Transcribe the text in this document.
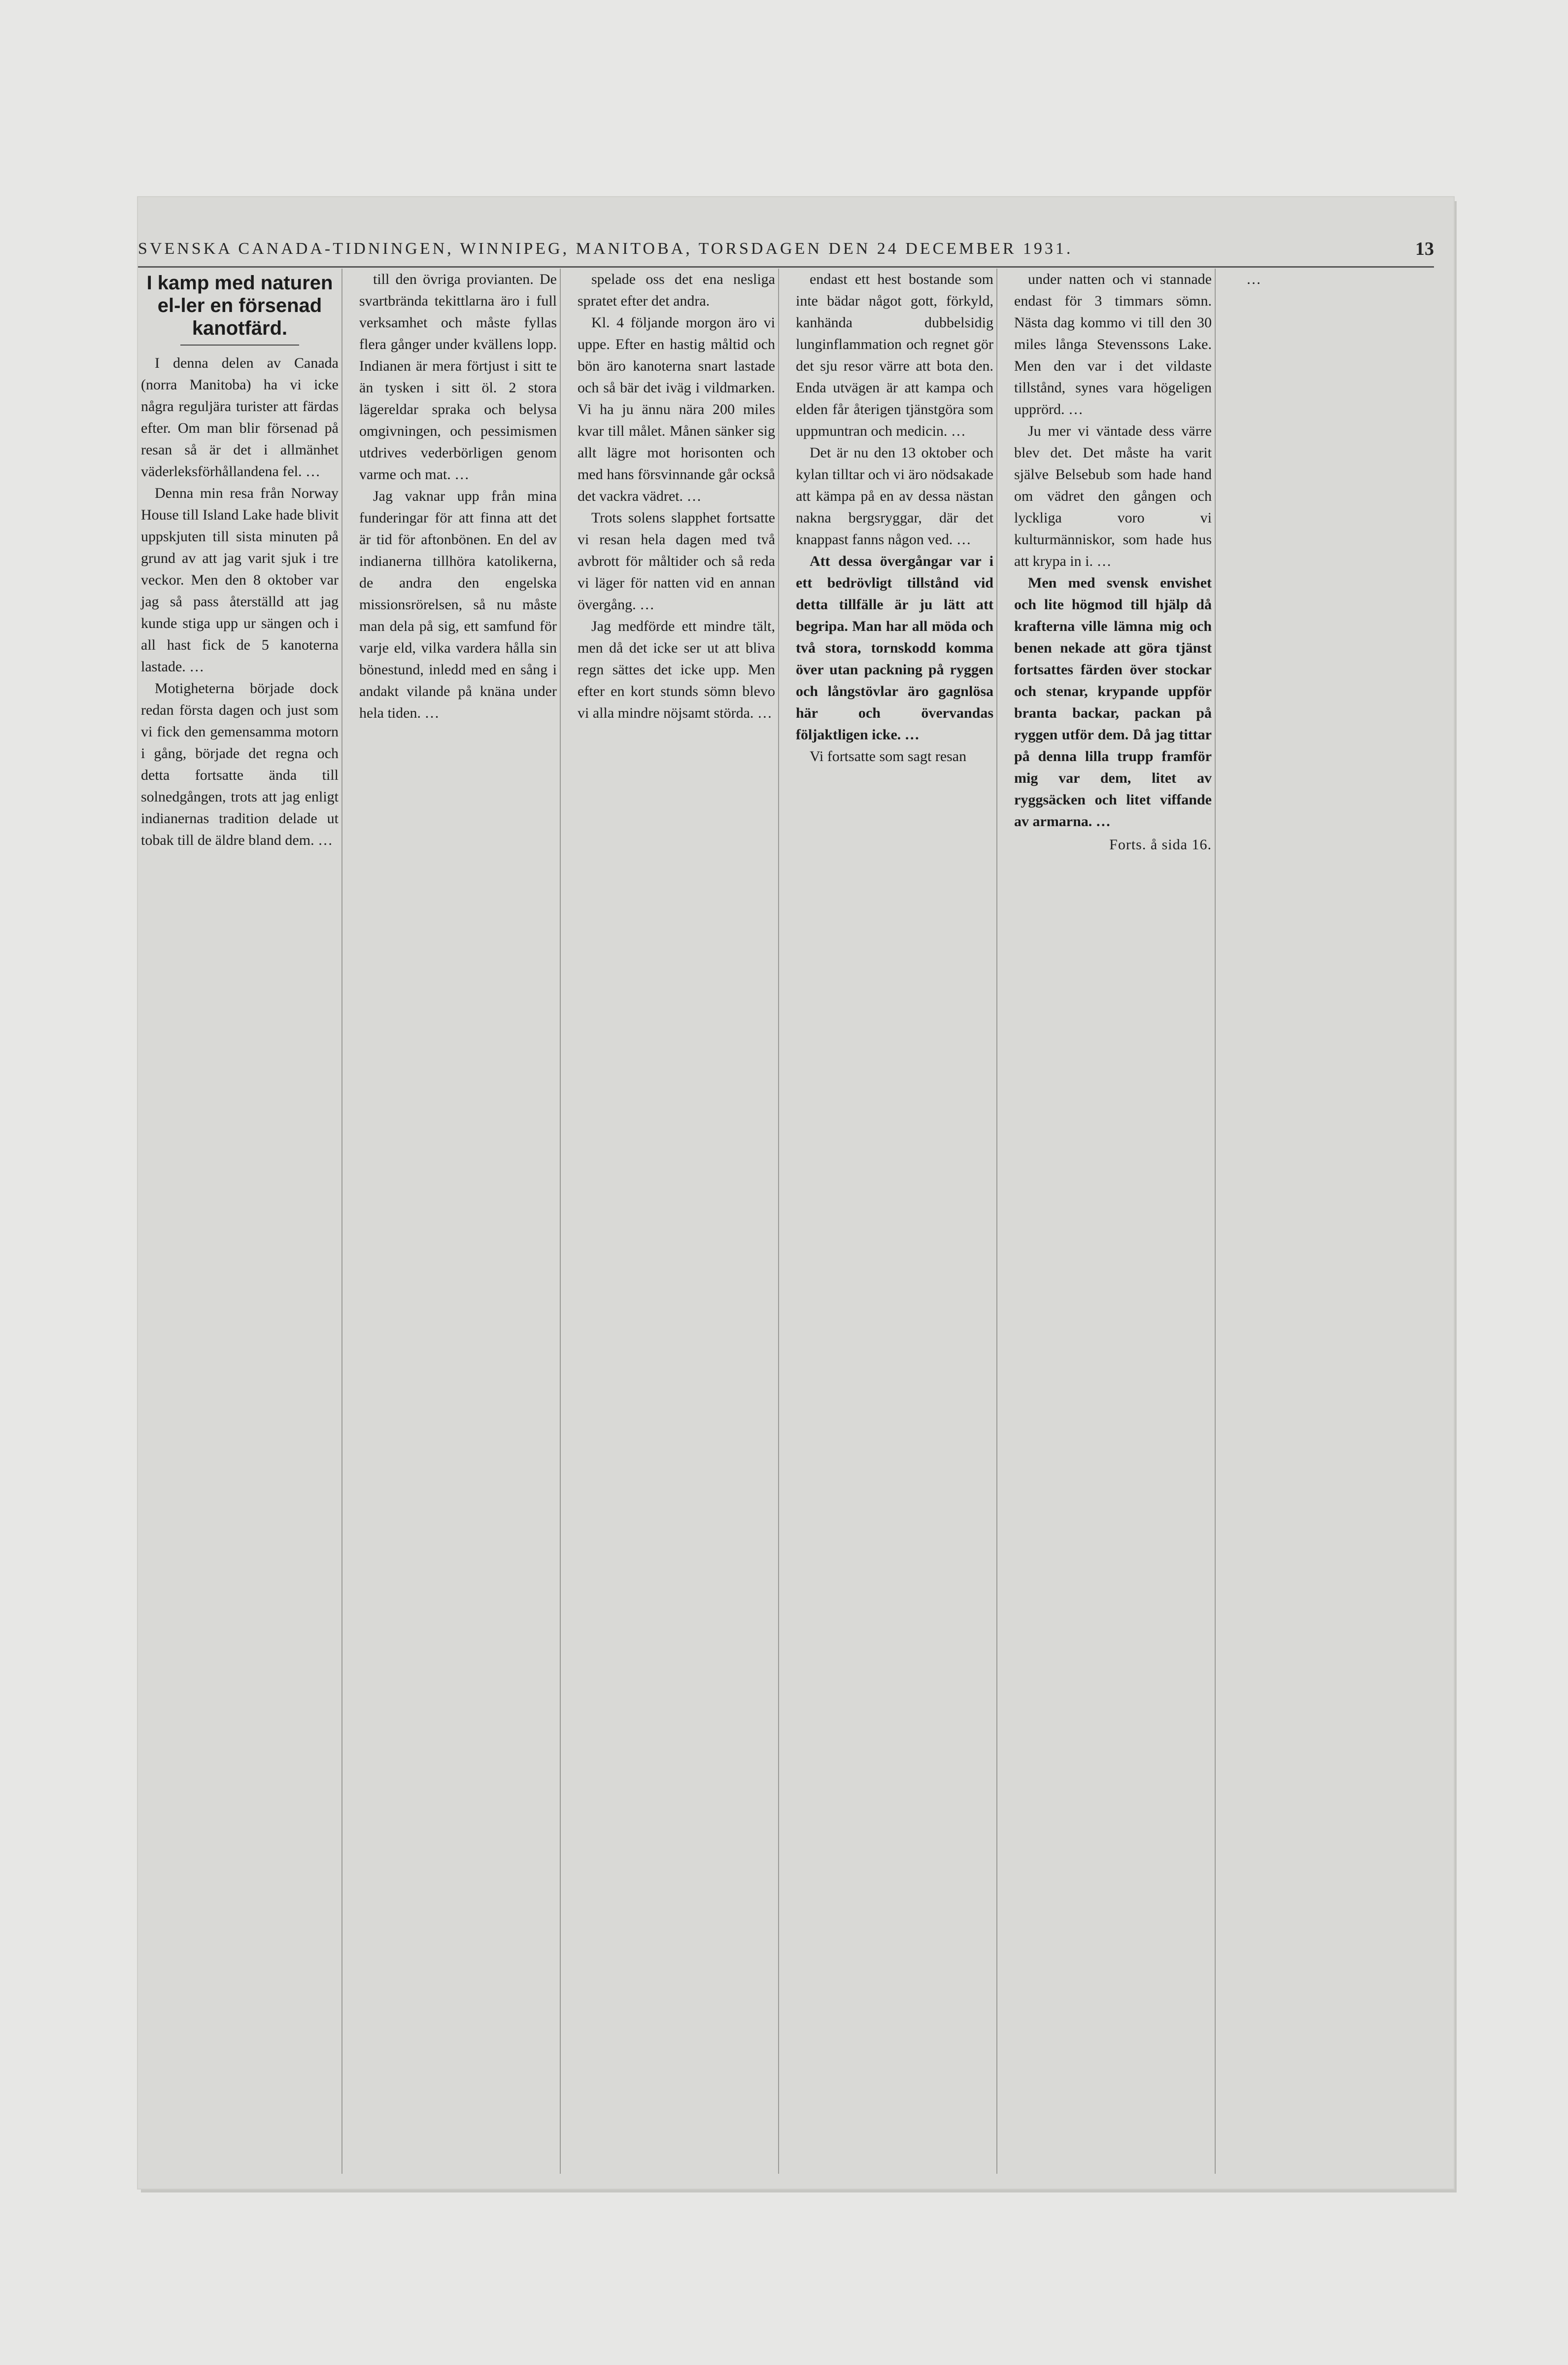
SVENSKA CANADA-TIDNINGEN, WINNIPEG, MANITOBA, TORSDAGEN DEN 24 DECEMBER 1931.	13
I kamp med naturen el-ler en försenad kanotfärd.

I denna delen av Canada (norra Manitoba) ha vi icke några reguljära turister att färdas efter. Om man blir försenad på resan så är det i allmänhet väderleksförhållandena fel. …

Denna min resa från Norway House till Island Lake hade blivit uppskjuten till sista minuten på grund av att jag varit sjuk i tre veckor. Men den 8 oktober var jag så pass återställd att jag kunde stiga upp ur sängen och i all hast fick de 5 kanoterna lastade. …

Motigheterna började dock redan första dagen och just som vi fick den gemensamma motorn i gång, började det regna och detta fortsatte ända till solnedgången, trots att jag enligt indianernas tradition delade ut tobak till de äldre bland dem. …

till den övriga provianten. De svartbrända tekittlarna äro i full verksamhet och måste fyllas flera gånger under kvällens lopp. Indianen är mera förtjust i sitt te än tysken i sitt öl. 2 stora lägereldar spraka och belysa omgivningen, och pessimismen utdrives vederbörligen genom varme och mat. …

Jag vaknar upp från mina funderingar för att finna att det är tid för aftonbönen. En del av indianerna tillhöra katolikerna, de andra den engelska missionsrörelsen, så nu måste man dela på sig, ett samfund för varje eld, vilka vardera hålla sin bönestund, inledd med en sång i andakt vilande på knäna under hela tiden. …

spelade oss det ena nesliga spratet efter det andra.

Kl. 4 följande morgon äro vi uppe. Efter en hastig måltid och bön äro kanoterna snart lastade och så bär det iväg i vildmarken. Vi ha ju ännu nära 200 miles kvar till målet. Månen sänker sig allt lägre mot horisonten och med hans försvinnande går också det vackra vädret. …

Trots solens slapphet fortsatte vi resan hela dagen med två avbrott för måltider och så reda vi läger för natten vid en annan övergång. …

Jag medförde ett mindre tält, men då det icke ser ut att bliva regn sättes det icke upp. Men efter en kort stunds sömn blevo vi alla mindre nöjsamt störda. …

endast ett hest bostande som inte bädar något gott, förkyld, kanhända dubbelsidig lunginflammation och regnet gör det sju resor värre att bota den. Enda utvägen är att kampa och elden får återigen tjänstgöra som uppmuntran och medicin. …

Det är nu den 13 oktober och kylan tilltar och vi äro nödsakade att kämpa på en av dessa nästan nakna bergsryggar, där det knappast fanns någon ved. …

Att dessa övergångar var i ett bedrövligt tillstånd vid detta tillfälle är ju lätt att begripa. Man har all möda och två stora, tornskodd komma över utan packning på ryggen och långstövlar äro gagnlösa här och övervandas följaktligen icke. …

Vi fortsatte som sagt resan

under natten och vi stannade endast för 3 timmars sömn. Nästa dag kommo vi till den 30 miles långa Stevenssons Lake. Men den var i det vildaste tillstånd, synes vara högeligen upprörd. …

Ju mer vi väntade dess värre blev det. Det måste ha varit själve Belsebub som hade hand om vädret den gången och lyckliga voro vi kulturmänniskor, som hade hus att krypa in i. …

Men med svensk envishet och lite högmod till hjälp då krafterna ville lämna mig och benen nekade att göra tjänst fortsattes färden över stockar och stenar, krypande uppför branta backar, packan på ryggen utför dem. Då jag tittar på denna lilla trupp framför mig var dem, litet av ryggsäcken och litet viffande av armarna. …

Forts. å sida 16.

…
